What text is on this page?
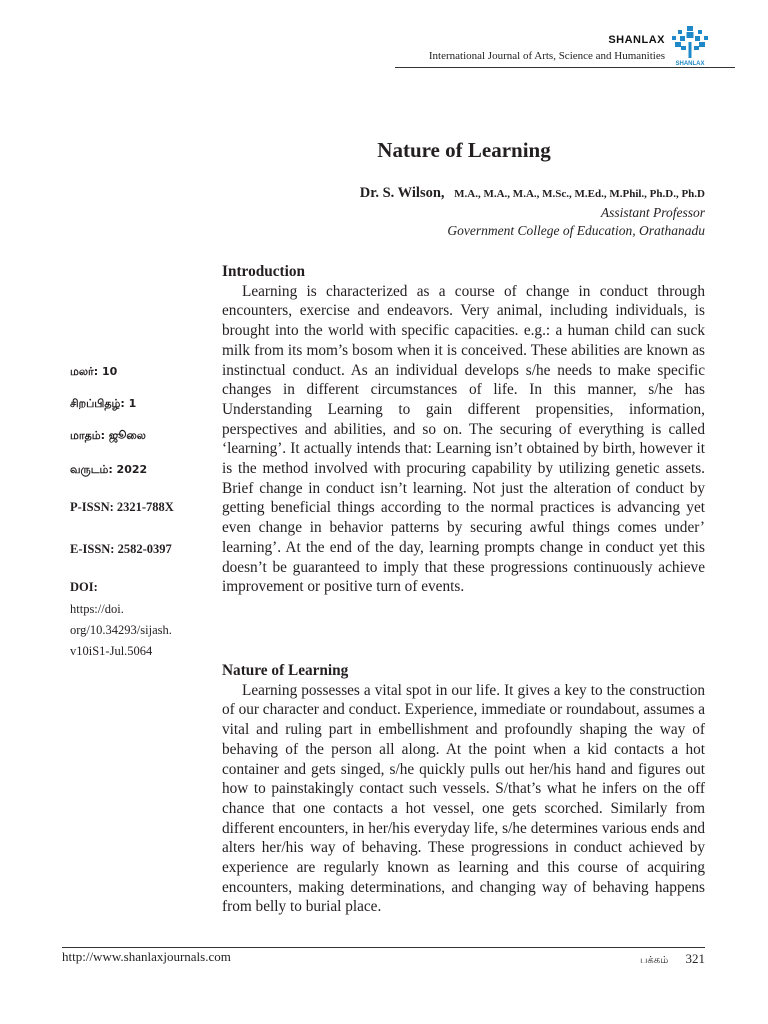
SHANLAX
International Journal of Arts, Science and Humanities
SHANLAX
Nature of Learning
Dr. S. Wilson, M.A., M.A., M.A., M.Sc., M.Ed., M.Phil., Ph.D., Ph.D
Assistant Professor
Government College of Education, Orathanadu
மலர்: 10
சிறப்பிதழ்: 1
மாதம்: ஜூலை
வருடம்: 2022
P-ISSN: 2321-788X
E-ISSN: 2582-0397
DOI:
https://doi.
org/10.34293/sijash.
v10iS1-Jul.5064
Introduction

Learning is characterized as a course of change in conduct through encounters, exercise and endeavors. Very animal, including individuals, is brought into the world with specific capacities. e.g.: a human child can suck milk from its mom’s bosom when it is conceived. These abilities are known as instinctual conduct. As an individual develops s/he needs to make specific changes in different circumstances of life. In this manner, s/he has Understanding Learning to gain different propensities, information, perspectives and abilities, and so on. The securing of everything is called ‘learning’. It actually intends that: Learning isn’t obtained by birth, however it is the method involved with procuring capability by utilizing genetic assets. Brief change in conduct isn’t learning. Not just the alteration of conduct by getting beneficial things according to the normal practices is advancing yet even change in behavior patterns by securing awful things comes under’ learning’. At the end of the day, learning prompts change in conduct yet this doesn’t be guaranteed to imply that these progressions continuously achieve improvement or positive turn of events.

Nature of Learning

Learning possesses a vital spot in our life. It gives a key to the construction of our character and conduct. Experience, immediate or roundabout, assumes a vital and ruling part in embellishment and profoundly shaping the way of behaving of the person all along. At the point when a kid contacts a hot container and gets singed, s/he quickly pulls out her/his hand and figures out how to painstakingly contact such vessels. S/that’s what he infers on the off chance that one contacts a hot vessel, one gets scorched. Similarly from different encounters, in her/his everyday life, s/he determines various ends and alters her/his way of behaving. These progressions in conduct achieved by experience are regularly known as learning and this course of acquiring encounters, making determinations, and changing way of behaving happens from belly to burial place.

http://www.shanlaxjournals.com	பக்கம் 321
